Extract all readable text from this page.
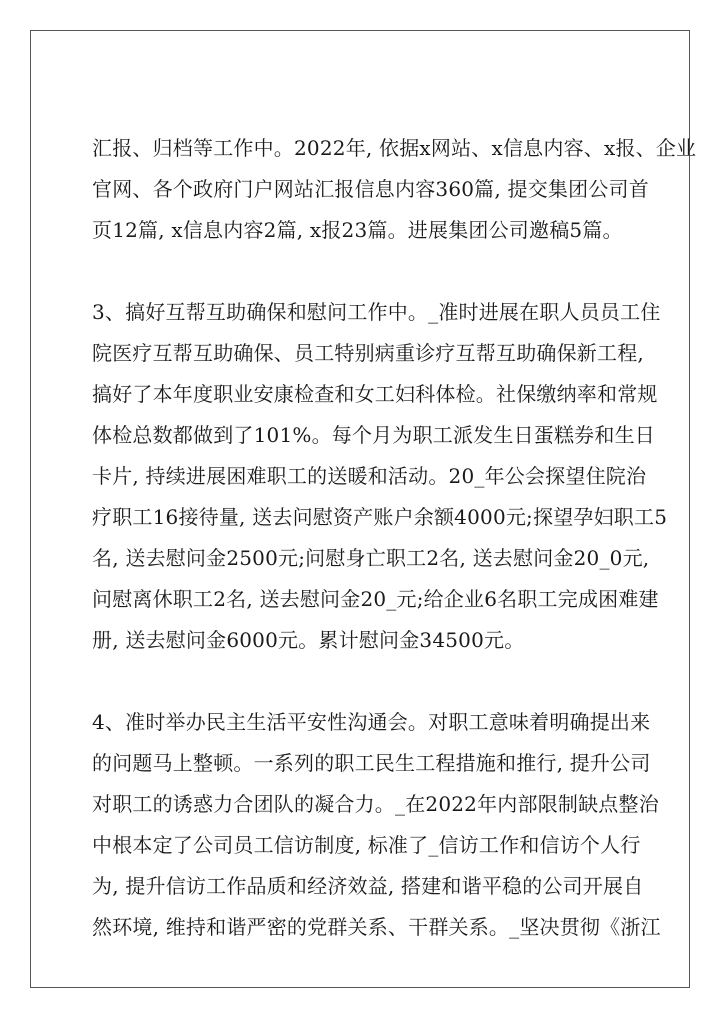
汇报、归档等工作中。2022年, 依据x网站、x信息内容、x报、企业
官网、各个政府门户网站汇报信息内容360篇, 提交集团公司首
页12篇, x信息内容2篇, x报23篇。进展集团公司邀稿5篇。
3、搞好互帮互助确保和慰问工作中。_准时进展在职人员员工住
院医疗互帮互助确保、员工特别病重诊疗互帮互助确保新工程,
搞好了本年度职业安康检查和女工妇科体检。社保缴纳率和常规
体检总数都做到了101%。每个月为职工派发生日蛋糕券和生日
卡片, 持续进展困难职工的送暖和活动。20_年公会探望住院治
疗职工16接待量, 送去问慰资产账户余额4000元;探望孕妇职工5
名, 送去慰问金2500元;问慰身亡职工2名, 送去慰问金20_0元,
问慰离休职工2名, 送去慰问金20_元;给企业6名职工完成困难建
册, 送去慰问金6000元。累计慰问金34500元。
4、准时举办民主生活平安性沟通会。对职工意味着明确提出来
的问题马上整顿。一系列的职工民生工程措施和推行, 提升公司
对职工的诱惑力合团队的凝合力。_在2022年内部限制缺点整治
中根本定了公司员工信访制度, 标准了_信访工作和信访个人行
为, 提升信访工作品质和经济效益, 搭建和谐平稳的公司开展自
然环境, 维持和谐严密的党群关系、干群关系。_坚决贯彻《浙江
